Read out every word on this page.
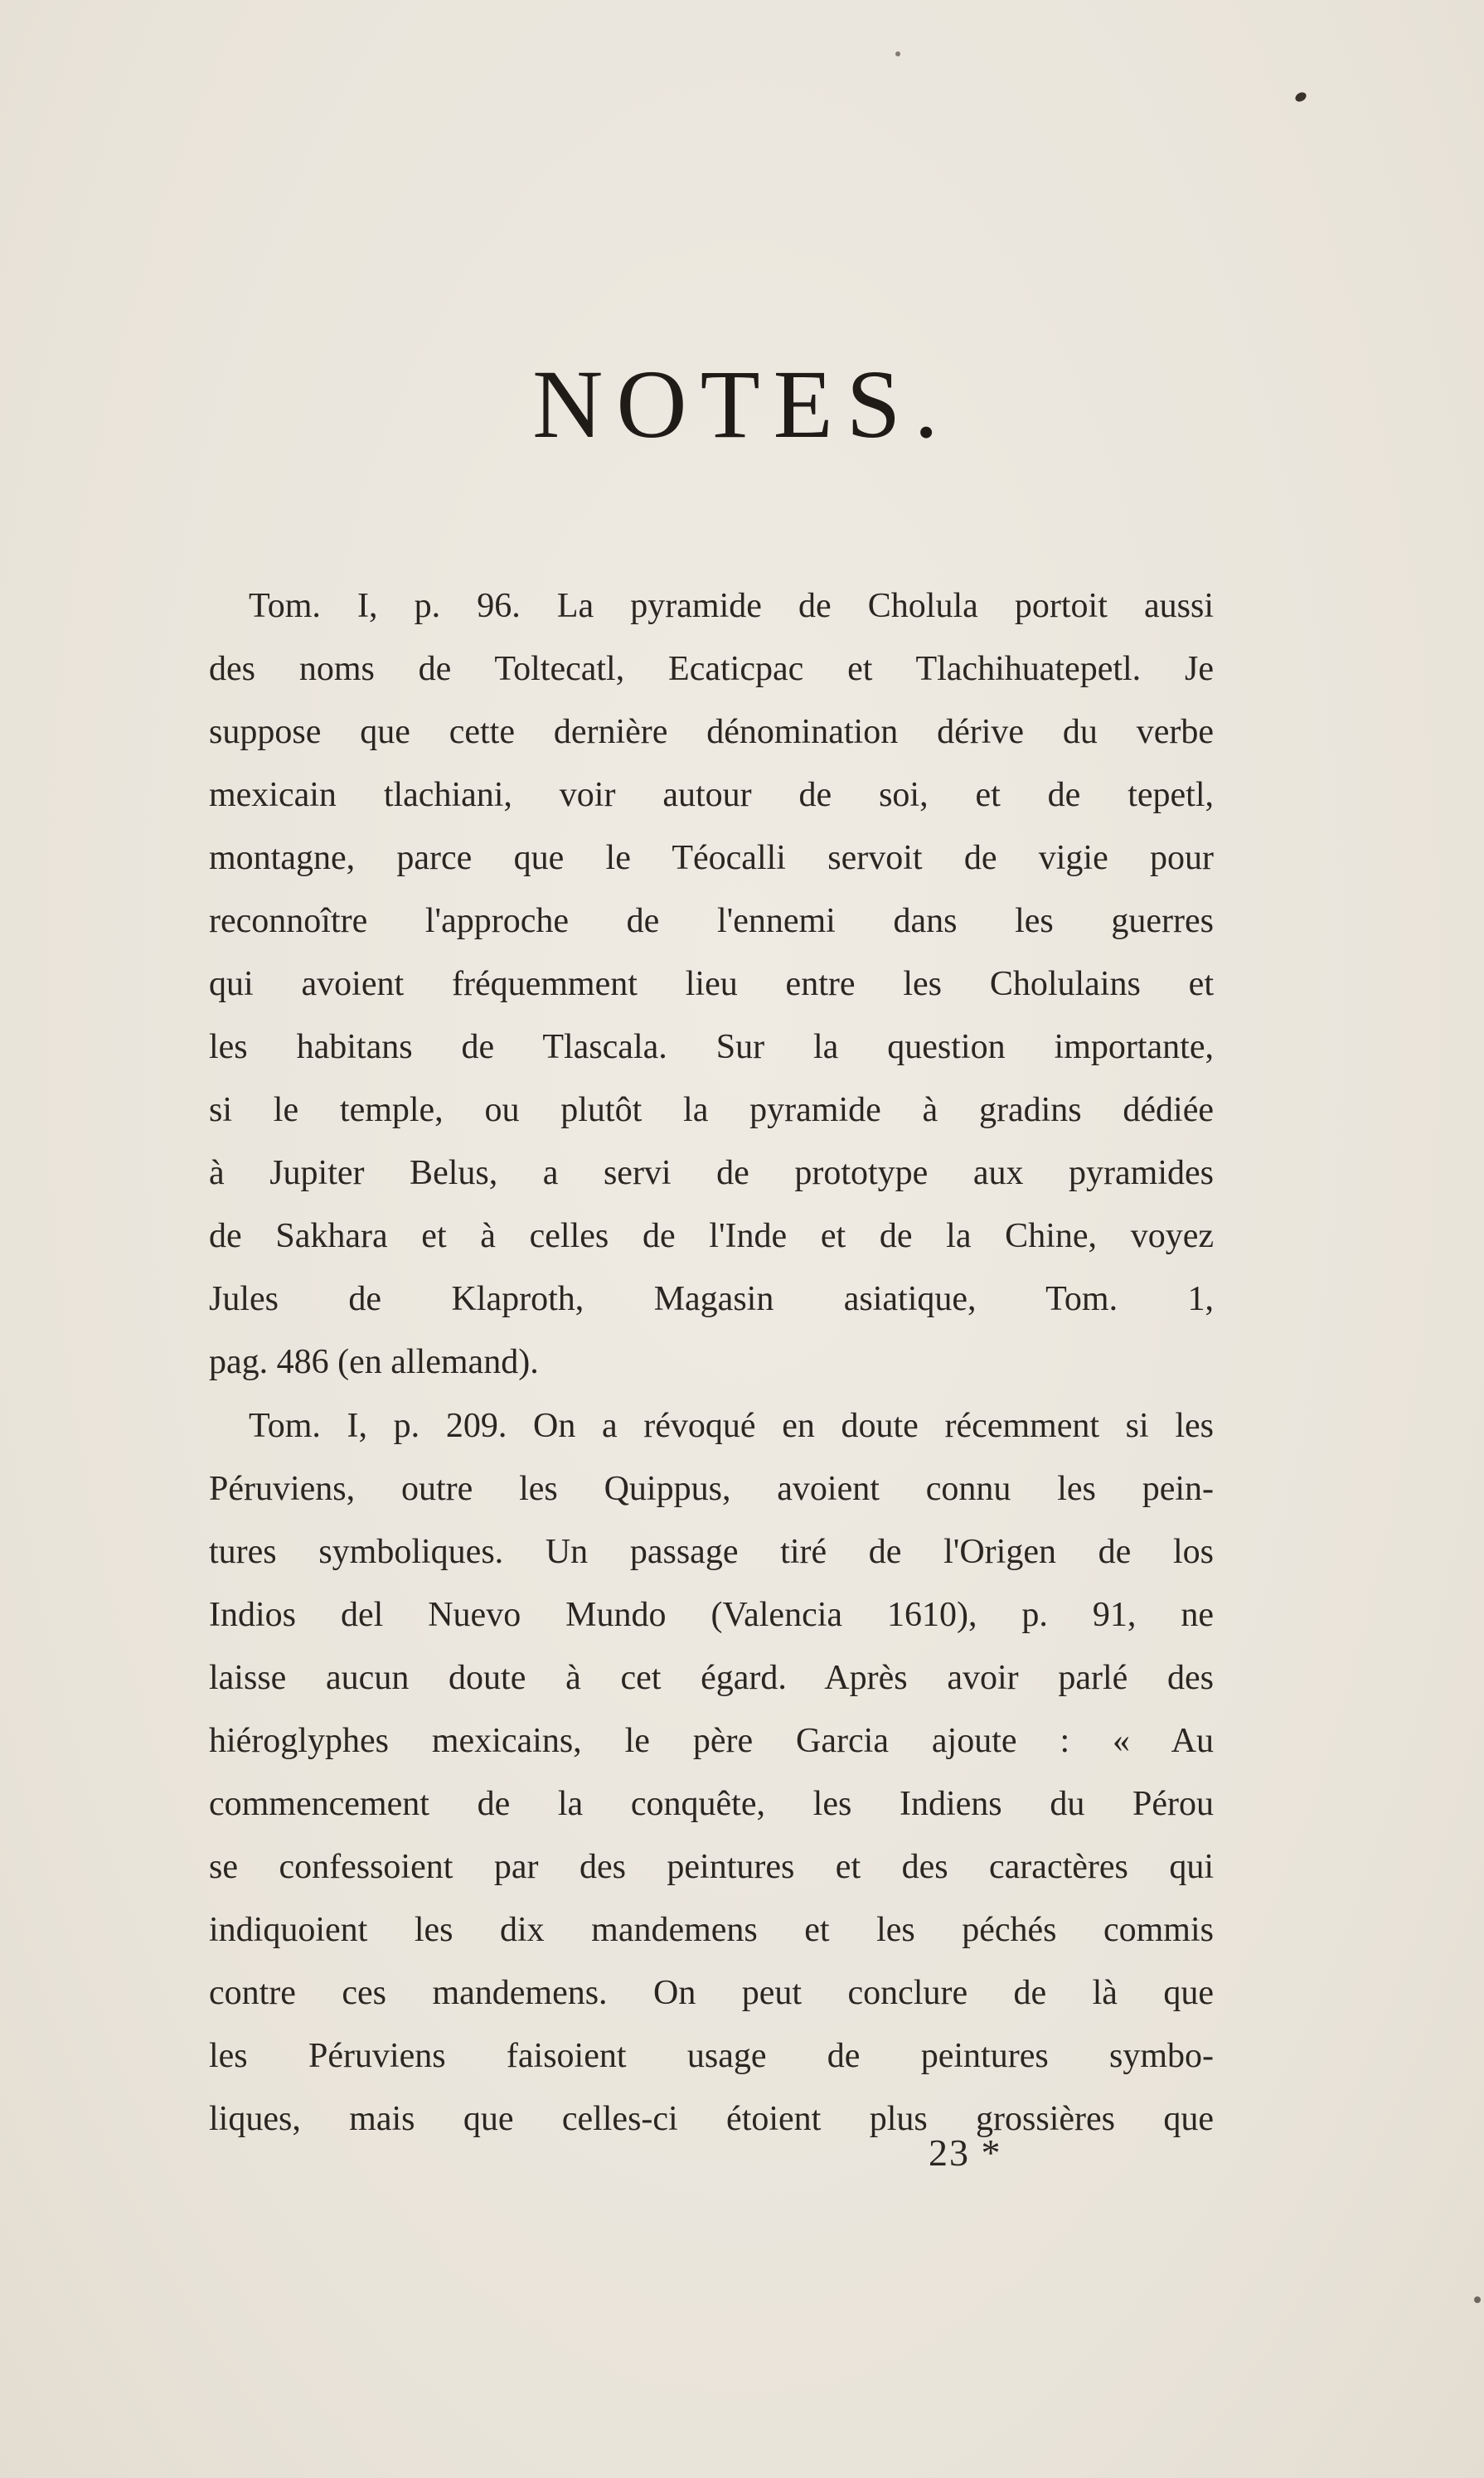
NOTES.
Tom. I, p. 96. La pyramide de Cholula portoit aussi
des noms de Toltecatl, Ecaticpac et Tlachihuatepetl. Je
suppose que cette dernière dénomination dérive du verbe
mexicain tlachiani, voir autour de soi, et de tepetl,
montagne, parce que le Téocalli servoit de vigie pour
reconnoître l'approche de l'ennemi dans les guerres
qui avoient fréquemment lieu entre les Cholulains et
les habitans de Tlascala. Sur la question importante,
si le temple, ou plutôt la pyramide à gradins dédiée
à Jupiter Belus, a servi de prototype aux pyramides
de Sakhara et à celles de l'Inde et de la Chine, voyez
Jules de Klaproth, Magasin asiatique, Tom. 1,
pag. 486 (en allemand).
Tom. I, p. 209. On a révoqué en doute récemment si les
Péruviens, outre les Quippus, avoient connu les pein-
tures symboliques. Un passage tiré de l'Origen de los
Indios del Nuevo Mundo (Valencia 1610), p. 91, ne
laisse aucun doute à cet égard. Après avoir parlé des
hiéroglyphes mexicains, le père Garcia ajoute : « Au
commencement de la conquête, les Indiens du Pérou
se confessoient par des peintures et des caractères qui
indiquoient les dix mandemens et les péchés commis
contre ces mandemens. On peut conclure de là que
les Péruviens faisoient usage de peintures symbo-
liques, mais que celles-ci étoient plus grossières que
23 *
